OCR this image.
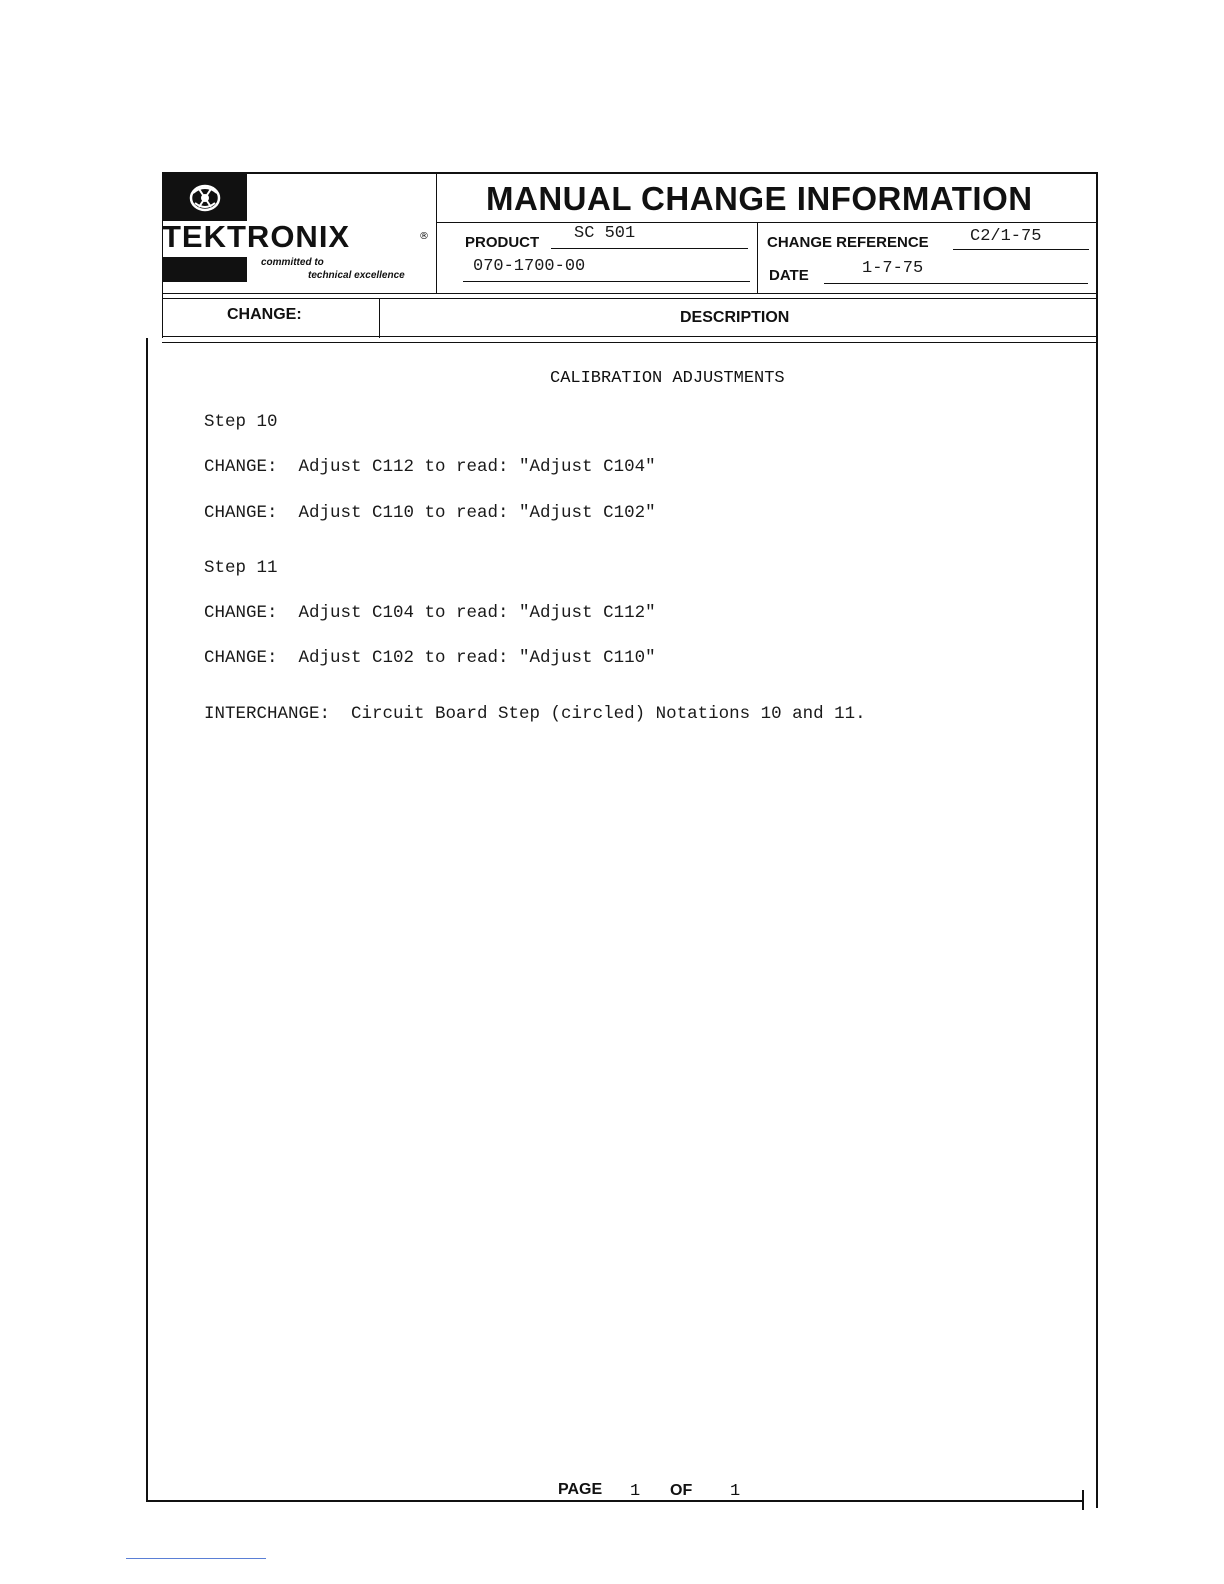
TEKTRONIX	®
committed to
technical excellence
MANUAL CHANGE INFORMATION
PRODUCT SC 501
070-1700-00
CHANGE REFERENCE C2/1-75
DATE	1-7-75
CHANGE:	DESCRIPTION
CALIBRATION ADJUSTMENTS
Step 10
CHANGE:  Adjust C112 to read: "Adjust C104"
CHANGE:  Adjust C110 to read: "Adjust C102"
Step 11
CHANGE:  Adjust C104 to read: "Adjust C112"
CHANGE:  Adjust C102 to read: "Adjust C110"
INTERCHANGE:  Circuit Board Step (circled) Notations 10 and 11.
PAGE 1 OF 1
